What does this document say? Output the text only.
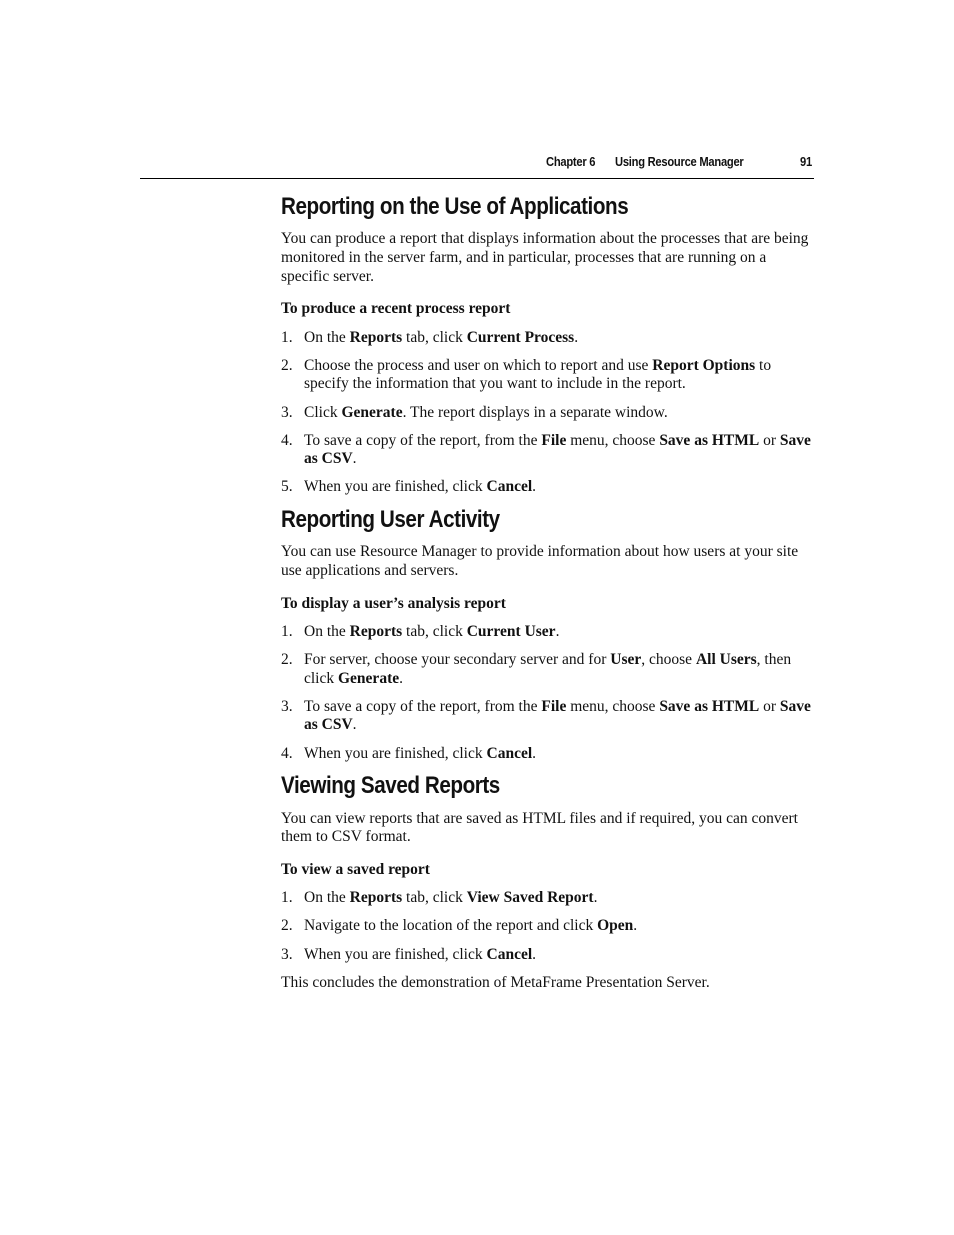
Chapter 6 Using Resource Manager	91
Reporting on the Use of Applications

You can produce a report that displays information about the processes that are being monitored in the server farm, and in particular, processes that are running on a specific server.

To produce a recent process report

1. On the Reports tab, click Current Process.
2. Choose the process and user on which to report and use Report Options to specify the information that you want to include in the report.
3. Click Generate. The report displays in a separate window.
4. To save a copy of the report, from the File menu, choose Save as HTML or Save as CSV.
5. When you are finished, click Cancel.
Reporting User Activity

You can use Resource Manager to provide information about how users at your site use applications and servers.

To display a user’s analysis report

1. On the Reports tab, click Current User.
2. For server, choose your secondary server and for User, choose All Users, then click Generate.
3. To save a copy of the report, from the File menu, choose Save as HTML or Save as CSV.
4. When you are finished, click Cancel.
Viewing Saved Reports

You can view reports that are saved as HTML files and if required, you can convert them to CSV format.

To view a saved report

1. On the Reports tab, click View Saved Report.
2. Navigate to the location of the report and click Open.
3. When you are finished, click Cancel.

This concludes the demonstration of MetaFrame Presentation Server.
